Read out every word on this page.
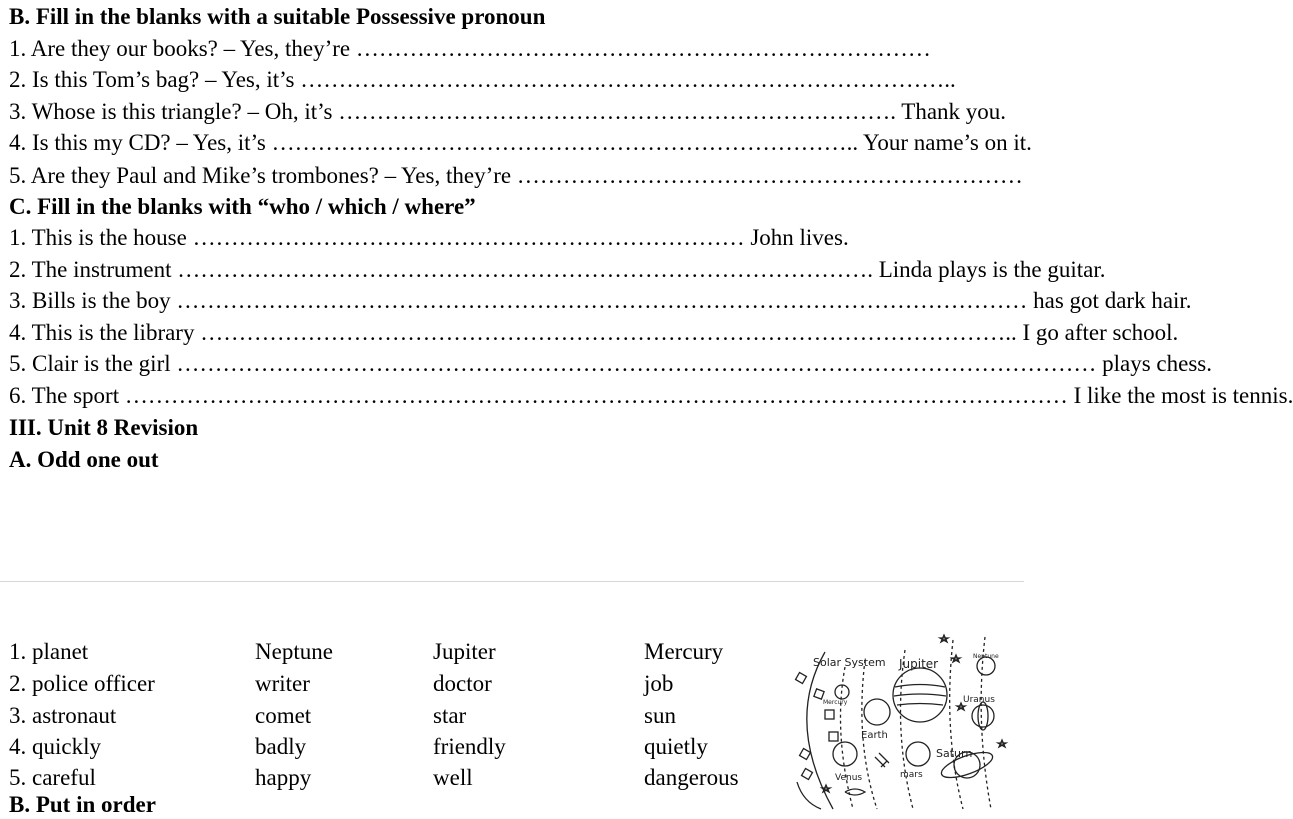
B. Fill in the blanks with a suitable Possessive pronoun
1. Are they our books? – Yes, they’re …………………………………………………………………
2. Is this Tom’s bag? – Yes, it’s …………………………………………………………………………..
3. Whose is this triangle? – Oh, it’s ………………………………………………………………. Thank you.
4. Is this my CD? – Yes, it’s ………………………………………………………………….. Your name’s on it.
5. Are they Paul and Mike’s trombones? – Yes, they’re …………………………………………………………
C. Fill in the blanks with “who / which / where”
1. This is the house ……………………………………………………………… John lives.
2. The instrument ………………………………………………………………………………. Linda plays is the guitar.
3. Bills is the boy ………………………………………………………………………………………………… has got dark hair.
4. This is the library …………………………………………………………………………………………….. I go after school.
5. Clair is the girl ………………………………………………………………………………………………………… plays chess.
6. The sport …………………………………………………………………………………………………………… I like the most is tennis.
III. Unit 8 Revision
A. Odd one out
1. planet	Neptune	Jupiter	Mercury
2. police officer	writer	doctor	job
3. astronaut	comet	star	sun
4. quickly	badly	friendly	quietly
5. careful	happy	well	dangerous
B. Put in order
Solar System Jupiter
Neptune
Mercury	Uranus
Earth
Saturn
Venus	mars
